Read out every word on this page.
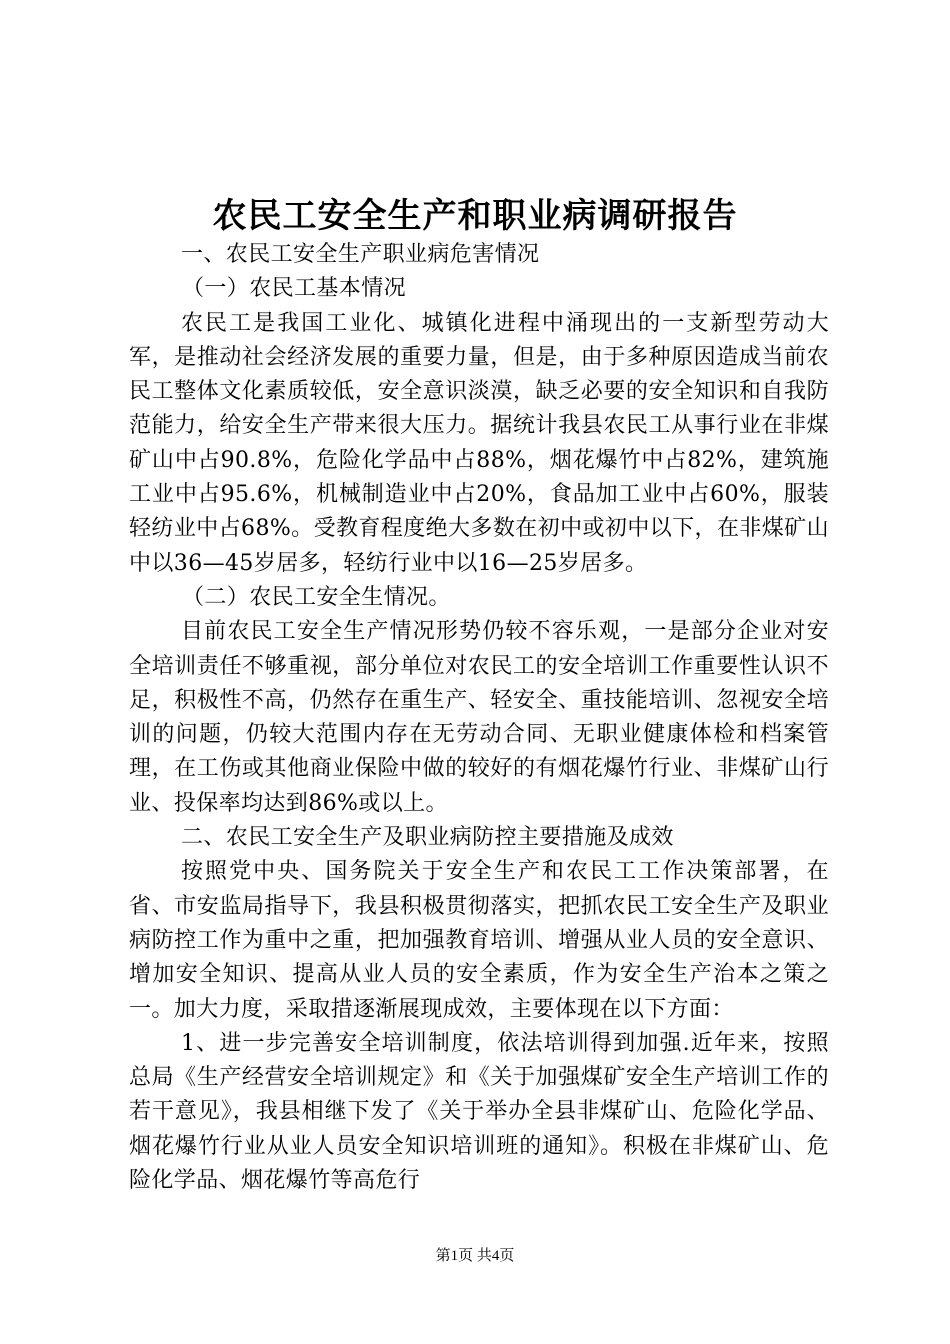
农民工安全生产和职业病调研报告

一、农民工安全生产职业病危害情况

（一）农民工基本情况

农民工是我国工业化、城镇化进程中涌现出的一支新型劳动大军，是推动社会经济发展的重要力量，但是，由于多种原因造成当前农民工整体文化素质较低，安全意识淡漠，缺乏必要的安全知识和自我防范能力，给安全生产带来很大压力。据统计我县农民工从事行业在非煤矿山中占90.8%，危险化学品中占88%，烟花爆竹中占82%，建筑施工业中占95.6%，机械制造业中占20%，食品加工业中占60%，服装轻纺业中占68%。受教育程度绝大多数在初中或初中以下，在非煤矿山中以36—45岁居多，轻纺行业中以16—25岁居多。

（二）农民工安全生情况。

目前农民工安全生产情况形势仍较不容乐观，一是部分企业对安全培训责任不够重视，部分单位对农民工的安全培训工作重要性认识不足，积极性不高，仍然存在重生产、轻安全、重技能培训、忽视安全培训的问题，仍较大范围内存在无劳动合同、无职业健康体检和档案管理，在工伤或其他商业保险中做的较好的有烟花爆竹行业、非煤矿山行业、投保率均达到86%或以上。

二、农民工安全生产及职业病防控主要措施及成效

按照党中央、国务院关于安全生产和农民工工作决策部署，在省、市安监局指导下，我县积极贯彻落实，把抓农民工安全生产及职业病防控工作为重中之重，把加强教育培训、增强从业人员的安全意识、增加安全知识、提高从业人员的安全素质，作为安全生产治本之策之一。加大力度，采取措逐渐展现成效，主要体现在以下方面：

1、进一步完善安全培训制度，依法培训得到加强.近年来，按照总局《生产经营安全培训规定》和《关于加强煤矿安全生产培训工作的若干意见》，我县相继下发了《关于举办全县非煤矿山、危险化学品、烟花爆竹行业从业人员安全知识培训班的通知》。积极在非煤矿山、危险化学品、烟花爆竹等高危行

第1页 共4页
